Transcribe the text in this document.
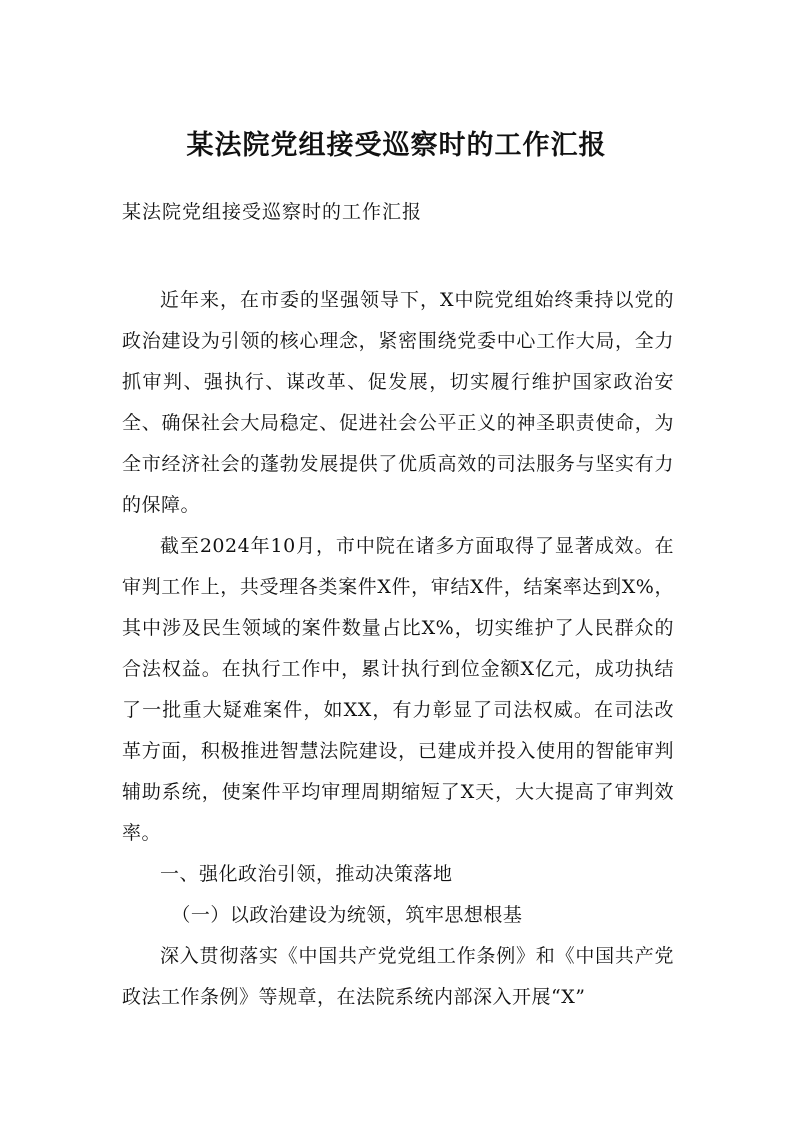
某法院党组接受巡察时的工作汇报

某法院党组接受巡察时的工作汇报

近年来，在市委的坚强领导下，X中院党组始终秉持以党的政治建设为引领的核心理念，紧密围绕党委中心工作大局，全力抓审判、强执行、谋改革、促发展，切实履行维护国家政治安全、确保社会大局稳定、促进社会公平正义的神圣职责使命，为全市经济社会的蓬勃发展提供了优质高效的司法服务与坚实有力的保障。

截至2024年10月，市中院在诸多方面取得了显著成效。在审判工作上，共受理各类案件X件，审结X件，结案率达到X%，其中涉及民生领域的案件数量占比X%，切实维护了人民群众的合法权益。在执行工作中，累计执行到位金额X亿元，成功执结了一批重大疑难案件，如XX，有力彰显了司法权威。在司法改革方面，积极推进智慧法院建设，已建成并投入使用的智能审判辅助系统，使案件平均审理周期缩短了X天，大大提高了审判效率。

一、强化政治引领，推动决策落地

（一）以政治建设为统领，筑牢思想根基

深入贯彻落实《中国共产党党组工作条例》和《中国共产党政法工作条例》等规章，在法院系统内部深入开展“X”
